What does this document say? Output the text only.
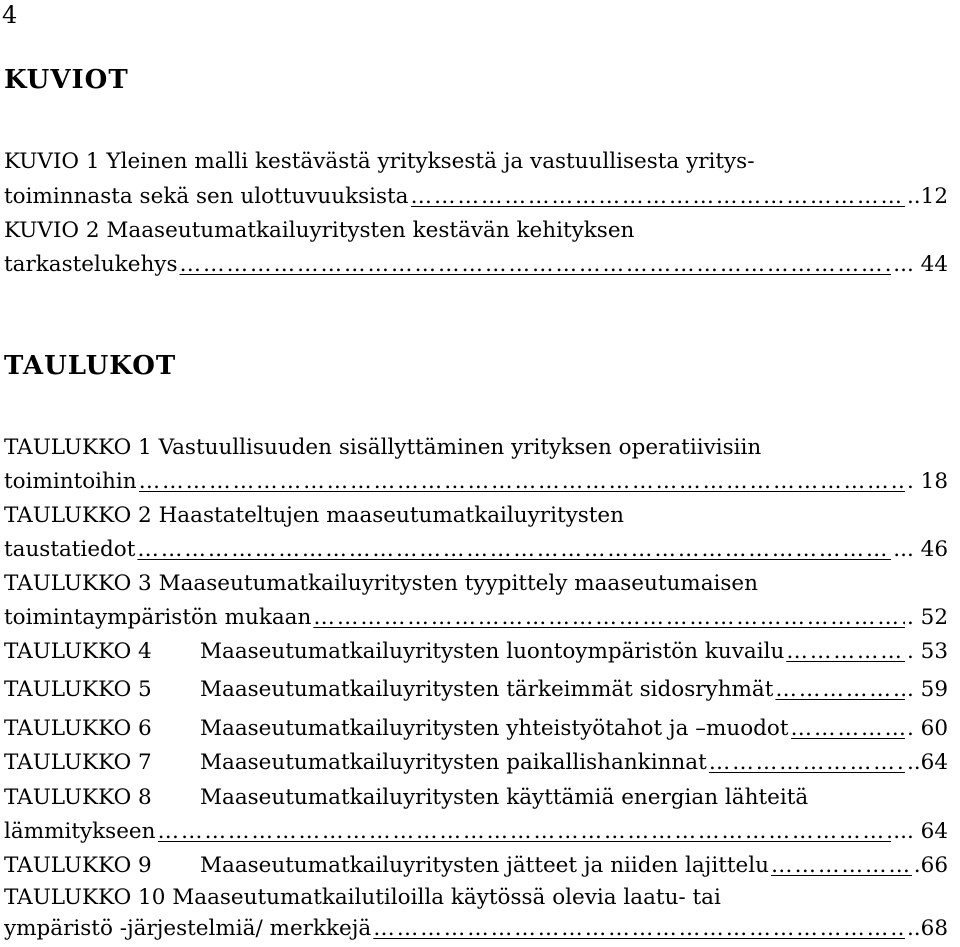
4
KUVIOT
KUVIO 1 Yleinen malli kestävästä yrityksestä ja vastuullisesta yritys-
toiminnasta sekä sen ulottuvuuksista ……………………………………………………………………………………………………………………………………………………	..12
KUVIO 2 Maaseutumatkailuyritysten kestävän kehityksen
tarkastelukehys ……………………………………………………………………………………………………………………………………………………	... 44
TAULUKOT
TAULUKKO 1 Vastuullisuuden sisällyttäminen yrityksen operatiivisiin
toimintoihin ……………………………………………………………………………………………………………………………………………………	. 18
TAULUKKO 2 Haastateltujen maaseutumatkailuyritysten
taustatiedot ……………………………………………………………………………………………………………………………………………………	... 46
TAULUKKO 3 Maaseutumatkailuyritysten tyypittely maaseutumaisen
toimintaympäristön mukaan ……………………………………………………………………………………………………………………………………………………	. 52
TAULUKKO 4 Maaseutumatkailuyritysten luontoympäristön kuvailu ……………………………………………………………………………………………………………………………………………………	. 53
TAULUKKO 5 Maaseutumatkailuyritysten tärkeimmät sidosryhmät ……………………………………………………………………………………………………………………………………………………	. 59
TAULUKKO 6 Maaseutumatkailuyritysten yhteistyötahot ja –muodot ……………………………………………………………………………………………………………………………………………………	. 60
TAULUKKO 7 Maaseutumatkailuyritysten paikallishankinnat ……………………………………………………………………………………………………………………………………………………	..64
TAULUKKO 8 Maaseutumatkailuyritysten käyttämiä energian lähteitä
lämmitykseen ……………………………………………………………………………………………………………………………………………………	... 64
TAULUKKO 9 Maaseutumatkailuyritysten jätteet ja niiden lajittelu ……………………………………………………………………………………………………………………………………………………	.66
TAULUKKO 10 Maaseutumatkailutiloilla käytössä olevia laatu- tai
ympäristö -järjestelmiä/ merkkejä ……………………………………………………………………………………………………………………………………………………	..68
